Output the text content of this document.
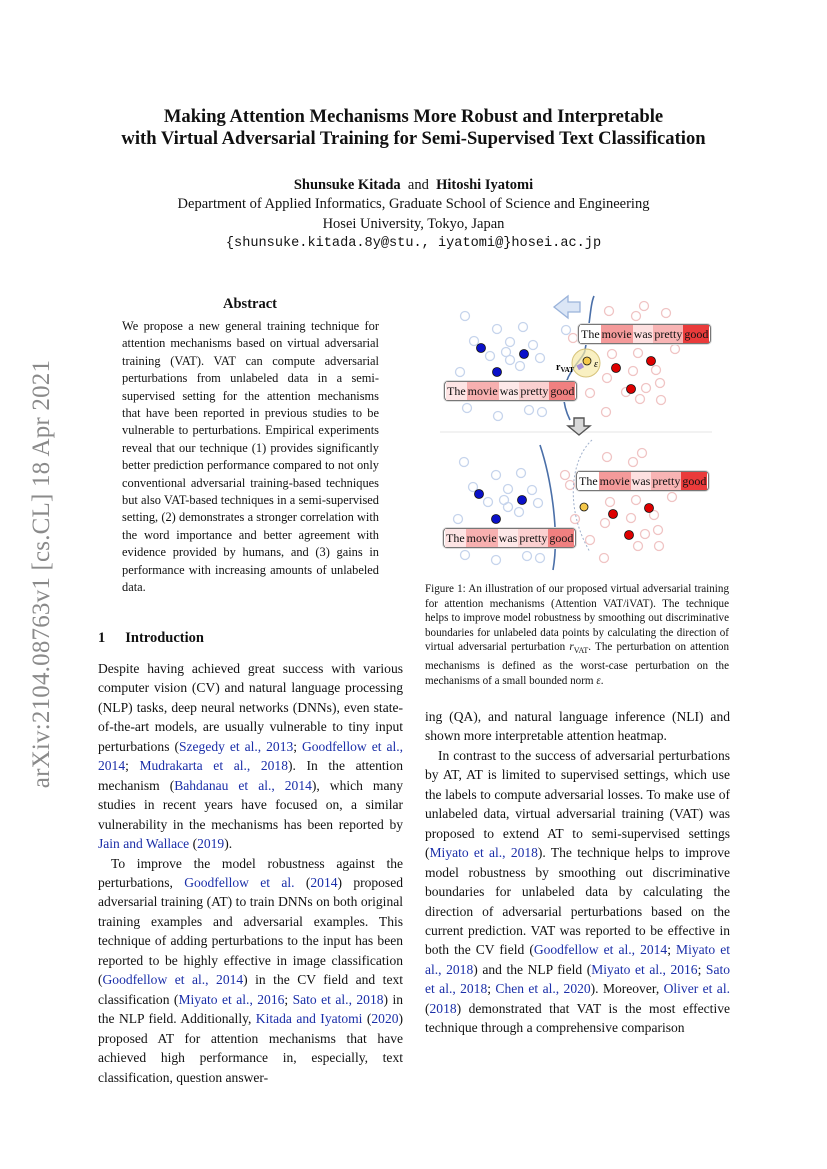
arXiv:2104.08763v1 [cs.CL] 18 Apr 2021
Making Attention Mechanisms More Robust and Interpretable
with Virtual Adversarial Training for Semi-Supervised Text Classification
Shunsuke Kitada and Hitoshi Iyatomi
Department of Applied Informatics, Graduate School of Science and Engineering
Hosei University, Tokyo, Japan
{shunsuke.kitada.8y@stu., iyatomi@}hosei.ac.jp
Abstract
We propose a new general training technique for attention mechanisms based on virtual adversarial training (VAT). VAT can compute adversarial perturbations from unlabeled data in a semi-supervised setting for the attention mechanisms that have been reported in previous studies to be vulnerable to perturbations. Empirical experiments reveal that our technique (1) provides significantly better prediction performance compared to not only conventional adversarial training-based techniques but also VAT-based techniques in a semi-supervised setting, (2) demonstrates a stronger correlation with the word importance and better agreement with evidence provided by humans, and (3) gains in performance with increasing amounts of unlabeled data.
1 Introduction

Despite having achieved great success with various computer vision (CV) and natural language processing (NLP) tasks, deep neural networks (DNNs), even state-of-the-art models, are usually vulnerable to tiny input perturbations (Szegedy et al., 2013; Goodfellow et al., 2014; Mudrakarta et al., 2018). In the attention mechanism (Bahdanau et al., 2014), which many studies in recent years have focused on, a similar vulnerability in the mechanisms has been reported by Jain and Wallace (2019).

To improve the model robustness against the perturbations, Goodfellow et al. (2014) proposed adversarial training (AT) to train DNNs on both original training examples and adversarial examples. This technique of adding perturbations to the input has been reported to be highly effective in image classification (Goodfellow et al., 2014) in the CV field and text classification (Miyato et al., 2016; Sato et al., 2018) in the NLP field. Additionally, Kitada and Iyatomi (2020) proposed AT for attention mechanisms that have achieved high performance in, especially, text classification, question answer-

ing (QA), and natural language inference (NLI) and shown more interpretable attention heatmap.

In contrast to the success of adversarial perturbations by AT, AT is limited to supervised settings, which use the labels to compute adversarial losses. To make use of unlabeled data, virtual adversarial training (VAT) was proposed to extend AT to semi-supervised settings (Miyato et al., 2018). The technique helps to improve model robustness by smoothing out discriminative boundaries for unlabeled data by calculating the direction of adversarial perturbations based on the current prediction. VAT was reported to be effective in both the CV field (Goodfellow et al., 2014; Miyato et al., 2018) and the NLP field (Miyato et al., 2016; Sato et al., 2018; Chen et al., 2020). Moreover, Oliver et al. (2018) demonstrated that VAT is the most effective technique through a comprehensive comparison

$r_{VAT}$ ε
The movie was pretty good
The movie was pretty good
The movie was pretty good
The movie was pretty good
Figure 1: An illustration of our proposed virtual adversarial training for attention mechanisms (Attention VAT/iVAT). The technique helps to improve model robustness by smoothing out discriminative boundaries for unlabeled data points by calculating the direction of virtual adversarial perturbation $r_{VAT}$. The perturbation on attention mechanisms is defined as the worst-case perturbation on the mechanisms of a small bounded norm ε.
